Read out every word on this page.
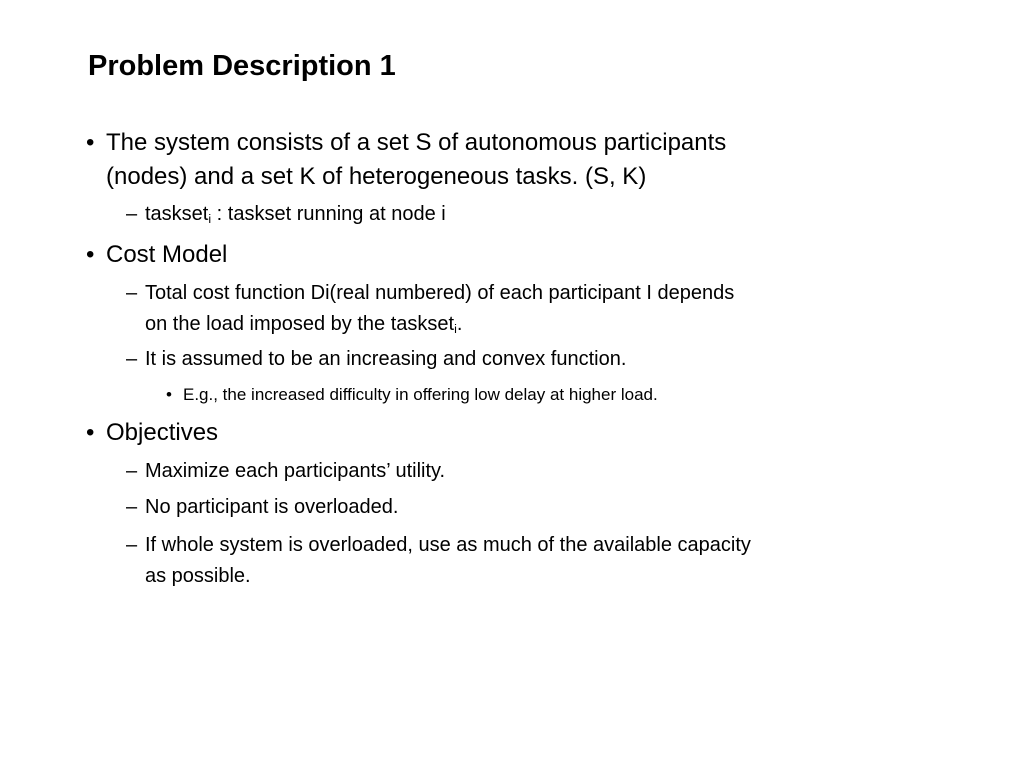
Problem Description 1
• The system consists of a set S of autonomous participants
(nodes) and a set K of heterogeneous tasks. (S, K)
– taskset$_i$ : taskset running at node i
• Cost Model
– Total cost function Di(real numbered) of each participant I depends
on the load imposed by the taskset$_i$.
– It is assumed to be an increasing and convex function.
• E.g., the increased difficulty in offering low delay at higher load.
• Objectives
– Maximize each participants’ utility.
– No participant is overloaded.
– If whole system is overloaded, use as much of the available capacity
as possible.
